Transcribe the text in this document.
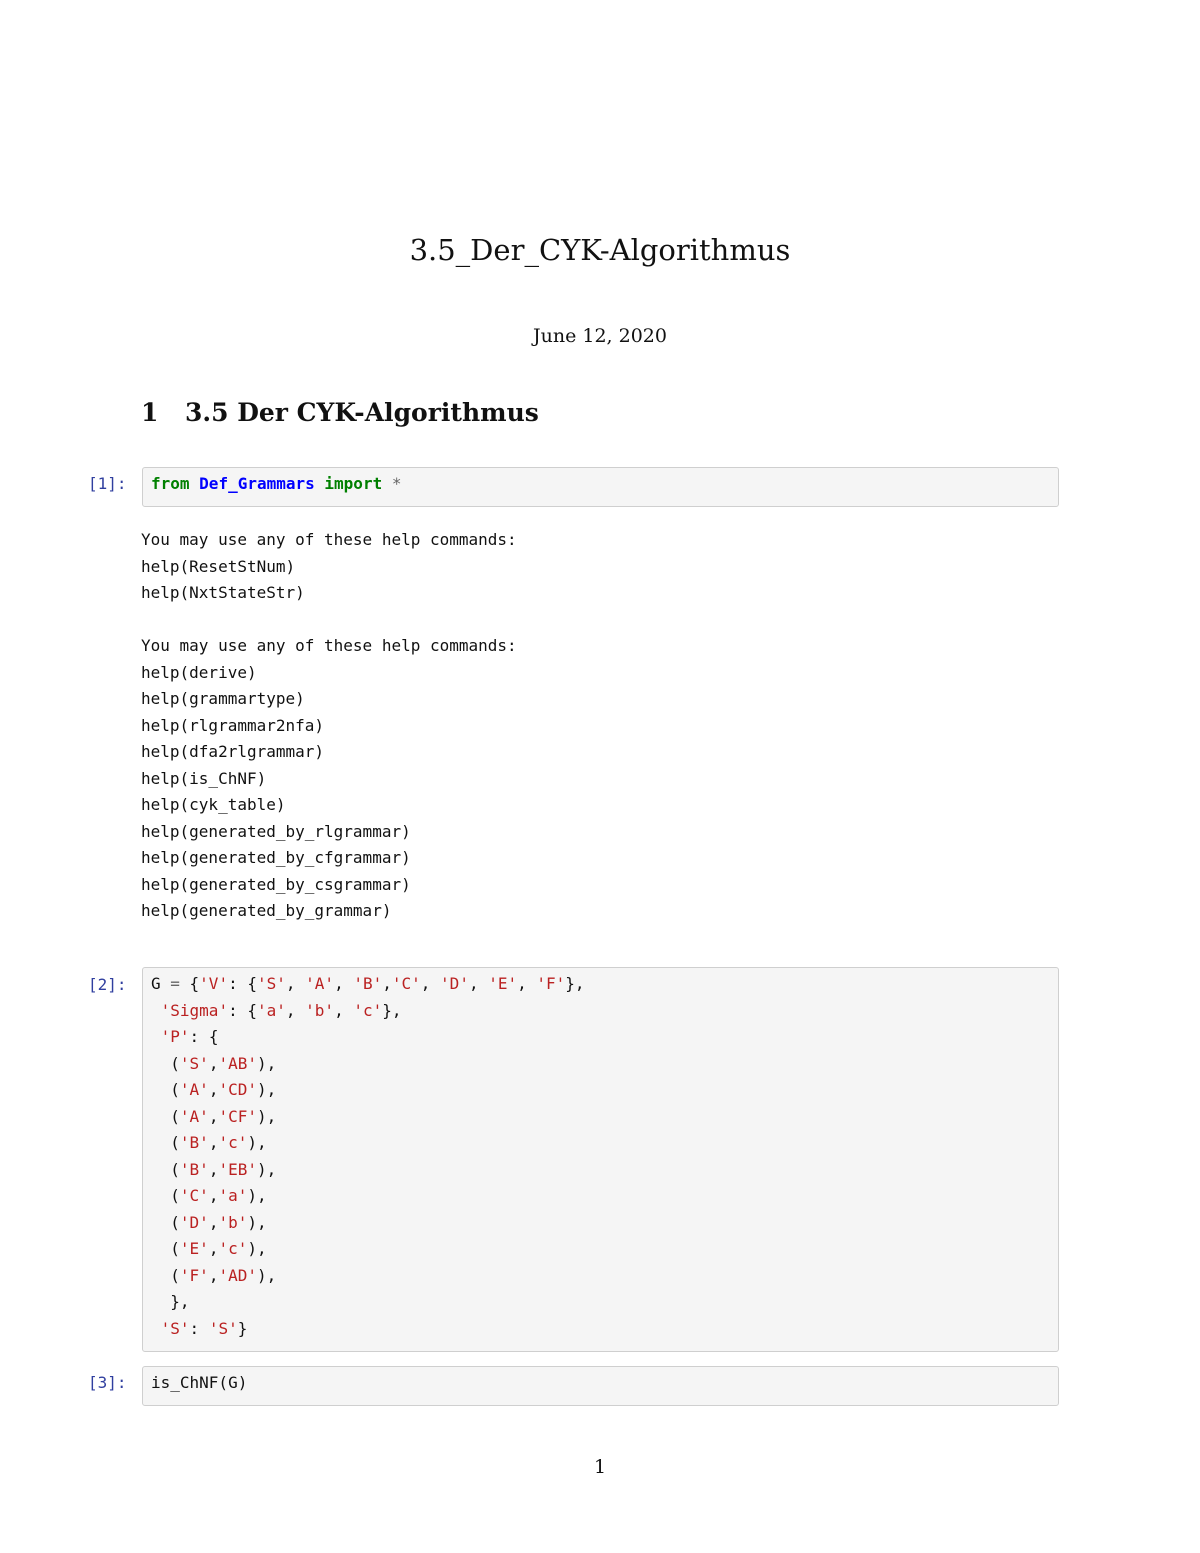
3.5_Der_CYK-Algorithmus
June 12, 2020
1 3.5 Der CYK-Algorithmus
[1]:	from Def_Grammars import *
You may use any of these help commands:
help(ResetStNum)
help(NxtStateStr)
You may use any of these help commands:
help(derive)
help(grammartype)
help(rlgrammar2nfa)
help(dfa2rlgrammar)
help(is_ChNF)
help(cyk_table)
help(generated_by_rlgrammar)
help(generated_by_cfgrammar)
help(generated_by_csgrammar)
help(generated_by_grammar)
[2]:	G = {'V': {'S', 'A', 'B','C', 'D', 'E', 'F'},
'Sigma': {'a', 'b', 'c'},
'P': {
('S','AB'),
('A','CD'),
('A','CF'),
('B','c'),
('B','EB'),
('C','a'),
('D','b'),
('E','c'),
('F','AD'),
},
'S': 'S'}
[3]:	is_ChNF(G)
1
